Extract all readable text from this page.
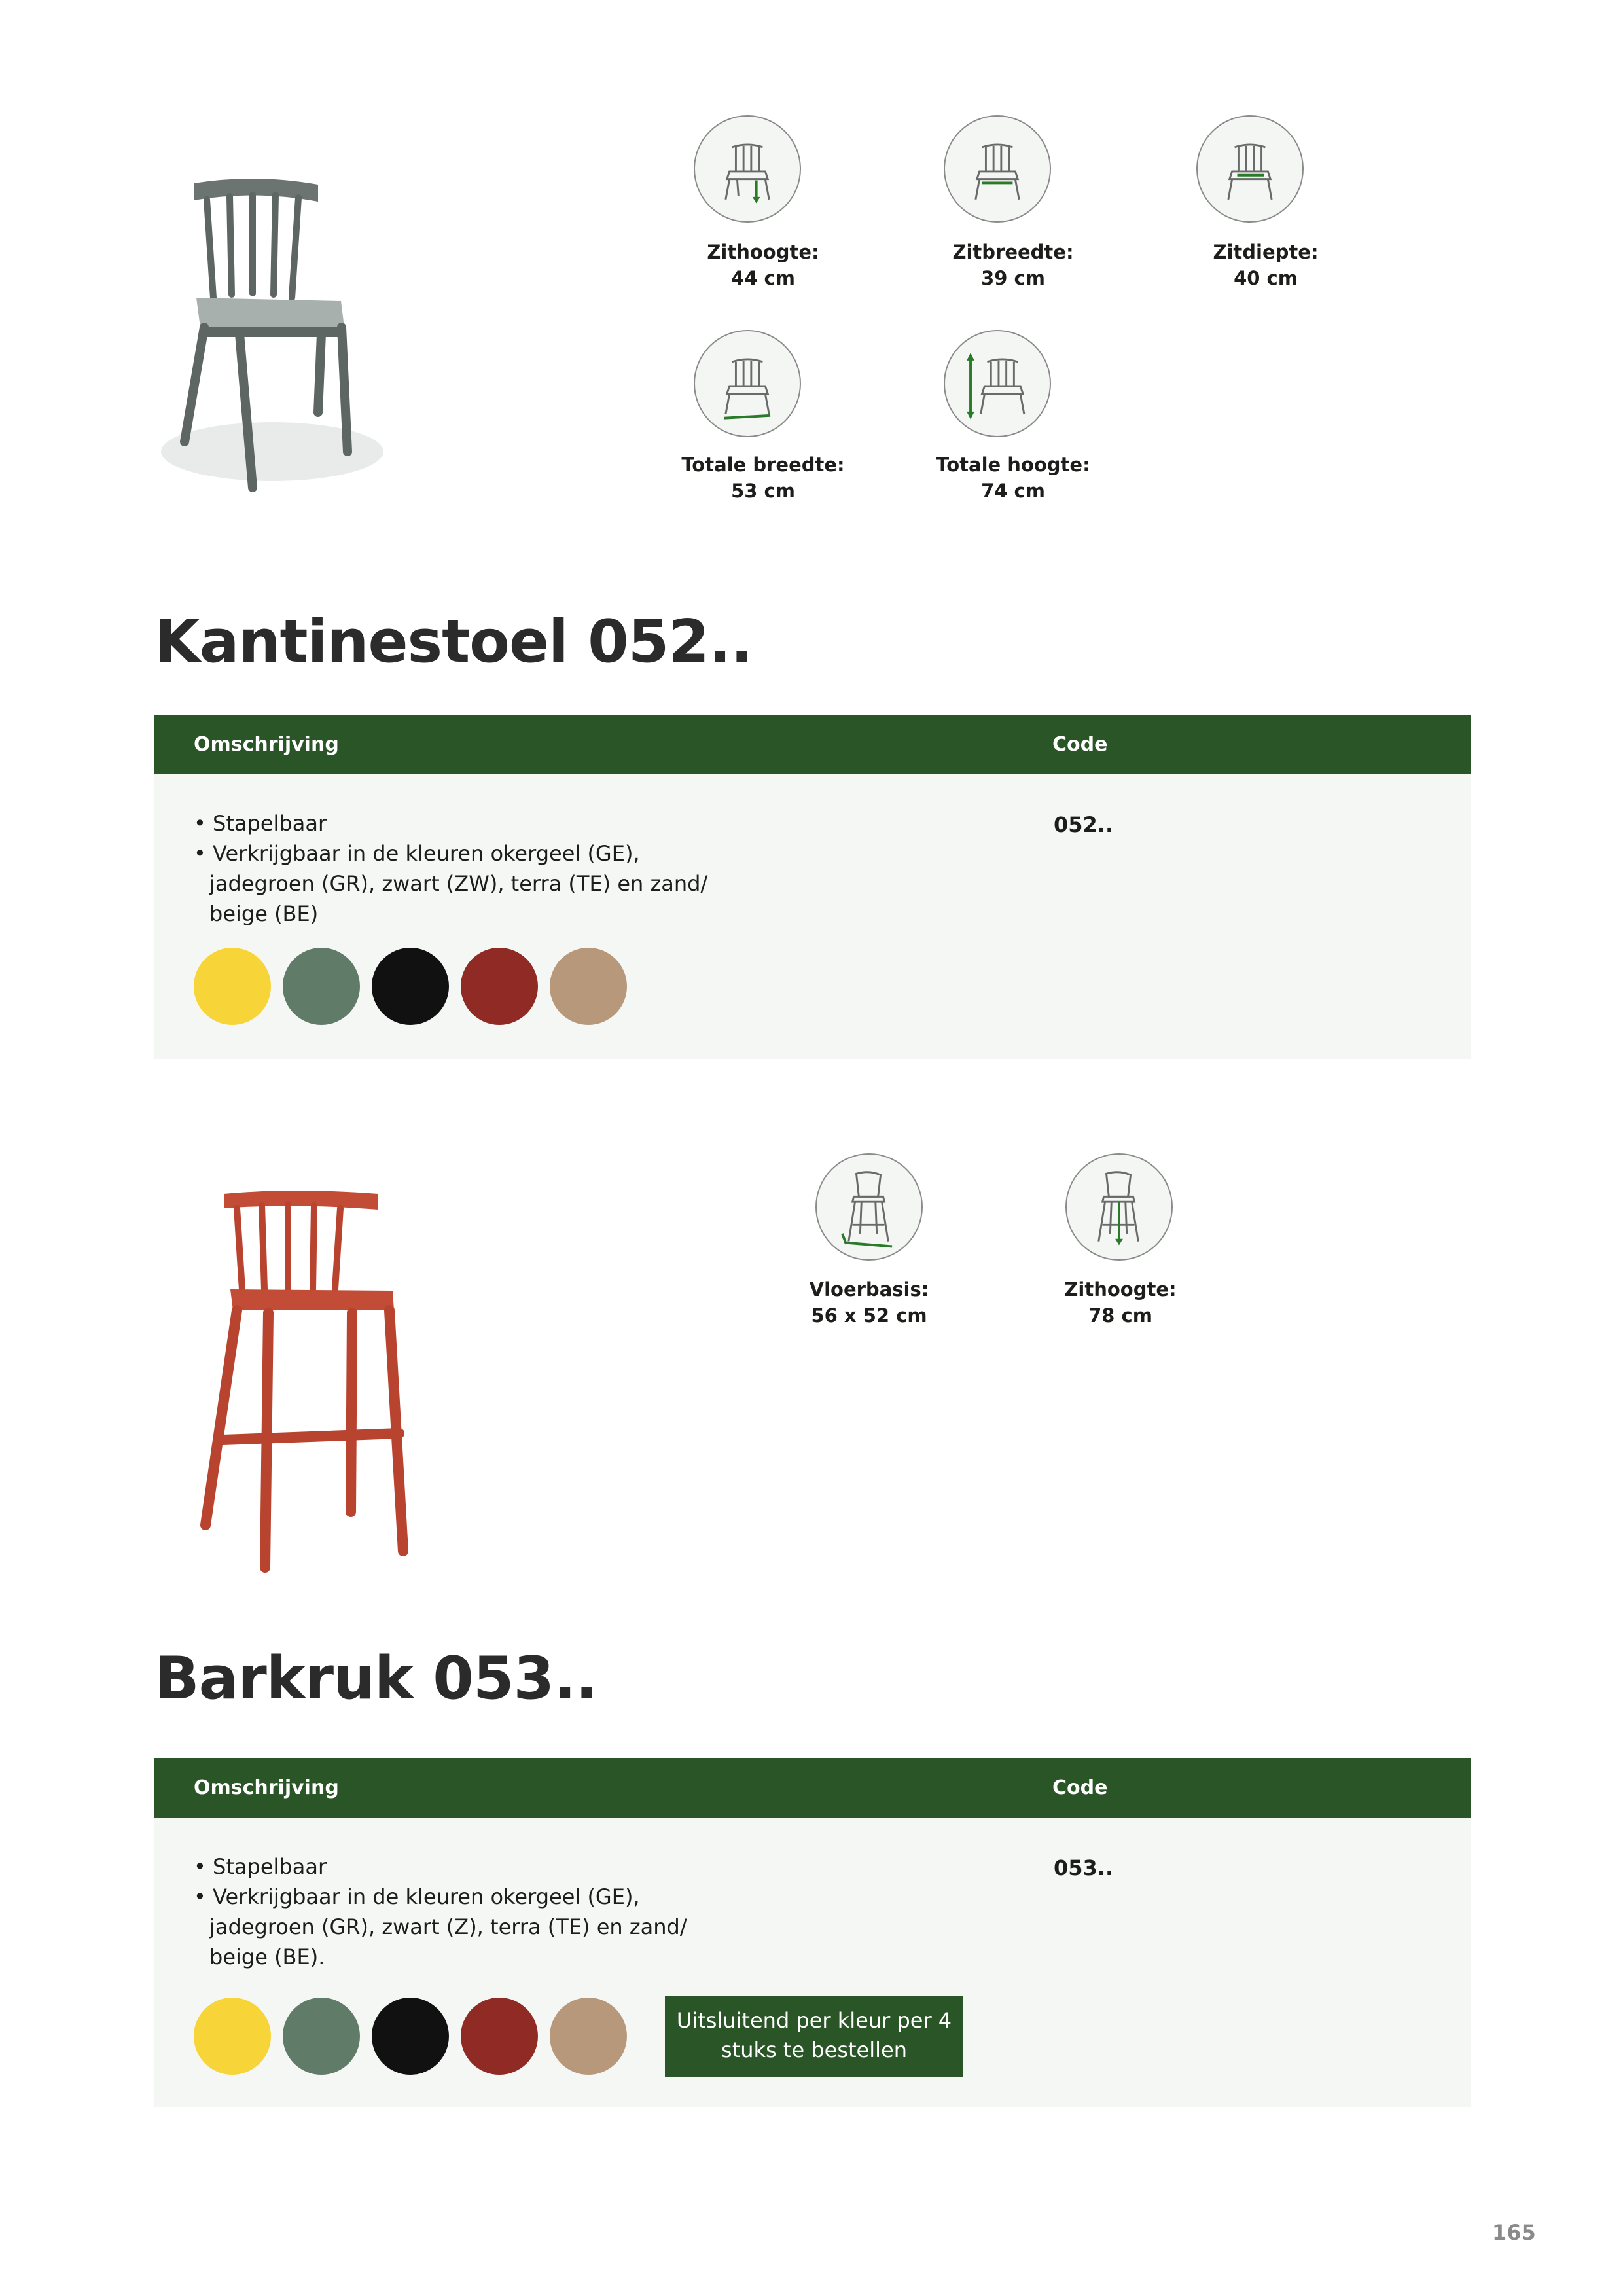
Zithoogte:
44 cm
Zitbreedte:
39 cm
Zitdiepte:
40 cm
Totale breedte:
53 cm
Totale hoogte:
74 cm
Kantinestoel 052..
Omschrijving	Code
• Stapelbaar
• Verkrijgbaar in de kleuren okergeel (GE), jadegroen (GR), zwart (ZW), terra (TE) en zand/ beige (BE)
052..
Vloerbasis:
56 x 52 cm
Zithoogte:
78 cm
Barkruk 053..
Omschrijving	Code
• Stapelbaar
• Verkrijgbaar in de kleuren okergeel (GE), jadegroen (GR), zwart (Z), terra (TE) en zand/ beige (BE).
053..
Uitsluitend per kleur per 4 stuks te bestellen
165
